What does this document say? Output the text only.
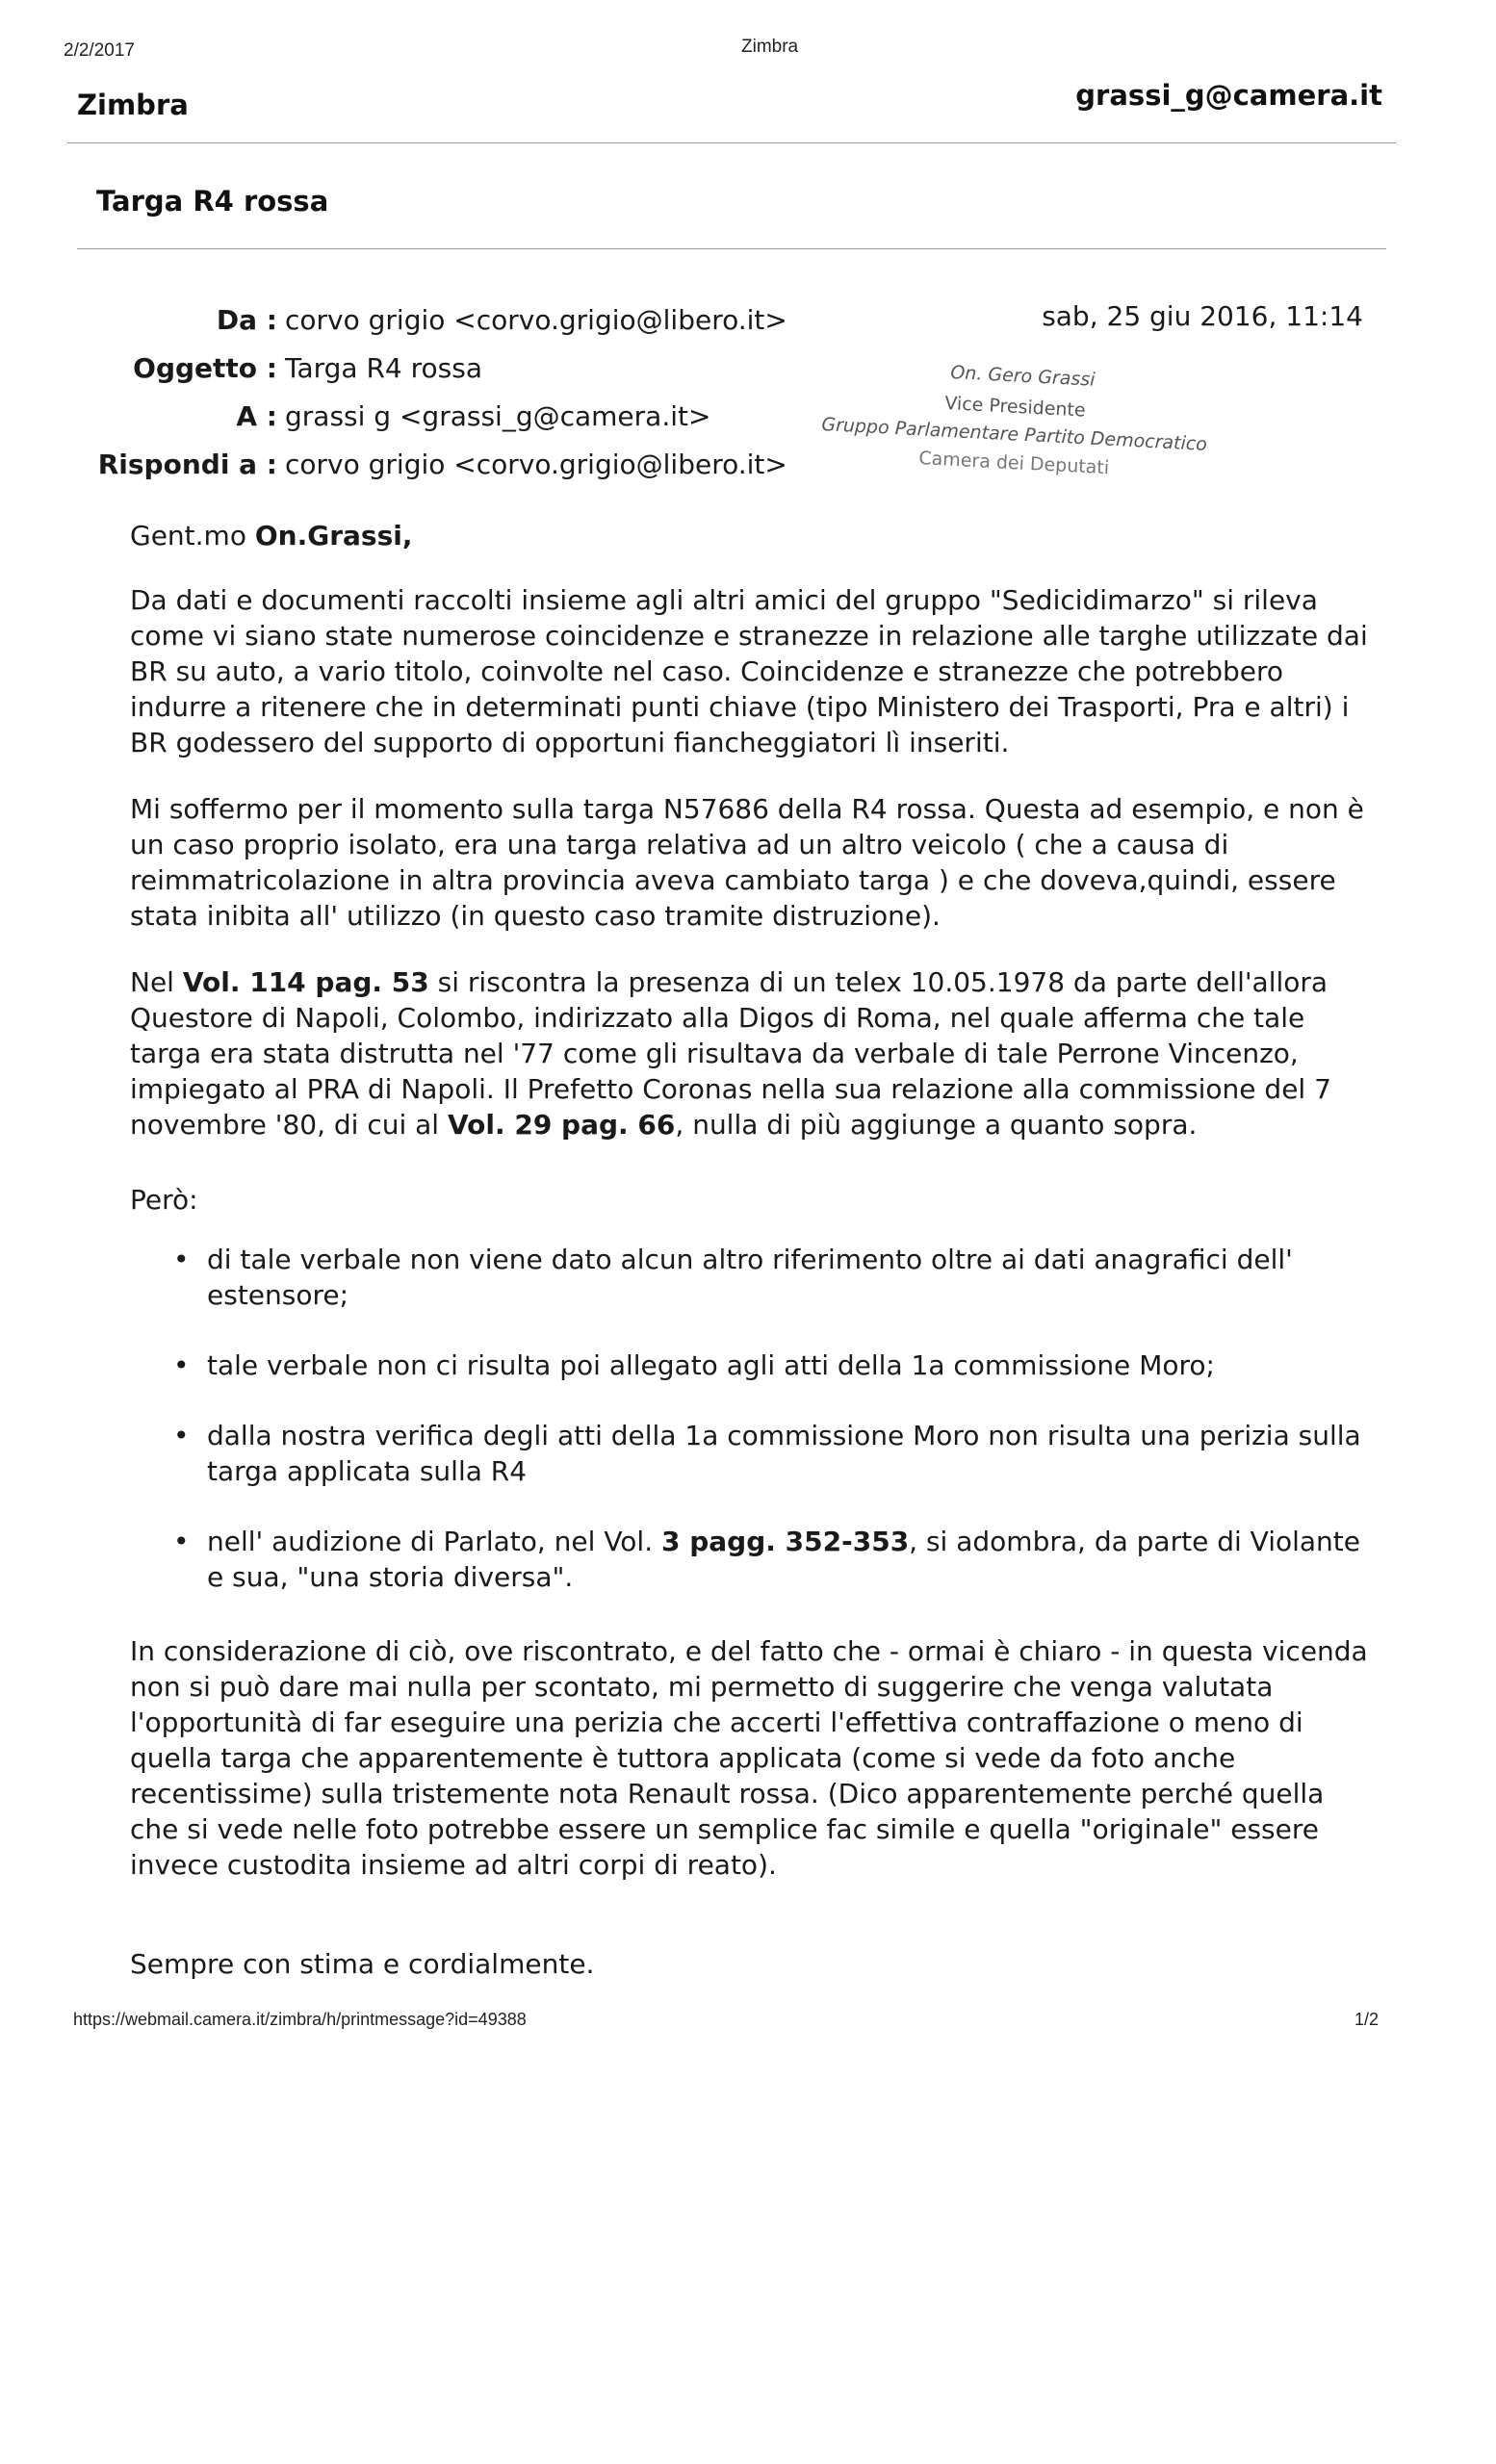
2/2/2017	Zimbra
Zimbra	grassi_g@camera.it
Targa R4 rossa
Da : corvo grigio <corvo.grigio@libero.it>
Oggetto : Targa R4 rossa
A : grassi g <grassi_g@camera.it>
Rispondi a : corvo grigio <corvo.grigio@libero.it>
sab, 25 giu 2016, 11:14
On. Gero Grassi
Vice Presidente
Gruppo Parlamentare Partito Democratico
Camera dei Deputati
Gent.mo On.Grassi,
Da dati e documenti raccolti insieme agli altri amici del gruppo "Sedicidimarzo" si rileva come vi siano state numerose coincidenze e stranezze in relazione alle targhe utilizzate dai BR su auto, a vario titolo, coinvolte nel caso. Coincidenze e stranezze che potrebbero indurre a ritenere che in determinati punti chiave (tipo Ministero dei Trasporti, Pra e altri) i BR godessero del supporto di opportuni fiancheggiatori lì inseriti.
Mi soffermo per il momento sulla targa N57686 della R4 rossa. Questa ad esempio, e non è un caso proprio isolato, era una targa relativa ad un altro veicolo ( che a causa di reimmatricolazione in altra provincia aveva cambiato targa ) e che doveva,quindi, essere stata inibita all' utilizzo (in questo caso tramite distruzione).
Nel Vol. 114 pag. 53 si riscontra la presenza di un telex 10.05.1978 da parte dell'allora Questore di Napoli, Colombo, indirizzato alla Digos di Roma, nel quale afferma che tale targa era stata distrutta nel '77 come gli risultava da verbale di tale Perrone Vincenzo, impiegato al PRA di Napoli. Il Prefetto Coronas nella sua relazione alla commissione del 7 novembre '80, di cui al Vol. 29 pag. 66, nulla di più aggiunge a quanto sopra.
Però:
• di tale verbale non viene dato alcun altro riferimento oltre ai dati anagrafici dell' estensore;
• tale verbale non ci risulta poi allegato agli atti della 1a commissione Moro;
• dalla nostra verifica degli atti della 1a commissione Moro non risulta una perizia sulla targa applicata sulla R4
• nell' audizione di Parlato, nel Vol. 3 pagg. 352-353, si adombra, da parte di Violante e sua, "una storia diversa".
In considerazione di ciò, ove riscontrato, e del fatto che - ormai è chiaro - in questa vicenda non si può dare mai nulla per scontato, mi permetto di suggerire che venga valutata l'opportunità di far eseguire una perizia che accerti l'effettiva contraffazione o meno di quella targa che apparentemente è tuttora applicata (come si vede da foto anche recentissime) sulla tristemente nota Renault rossa. (Dico apparentemente perché quella che si vede nelle foto potrebbe essere un semplice fac simile e quella "originale" essere invece custodita insieme ad altri corpi di reato).
Sempre con stima e cordialmente.
https://webmail.camera.it/zimbra/h/printmessage?id=49388	1/2
